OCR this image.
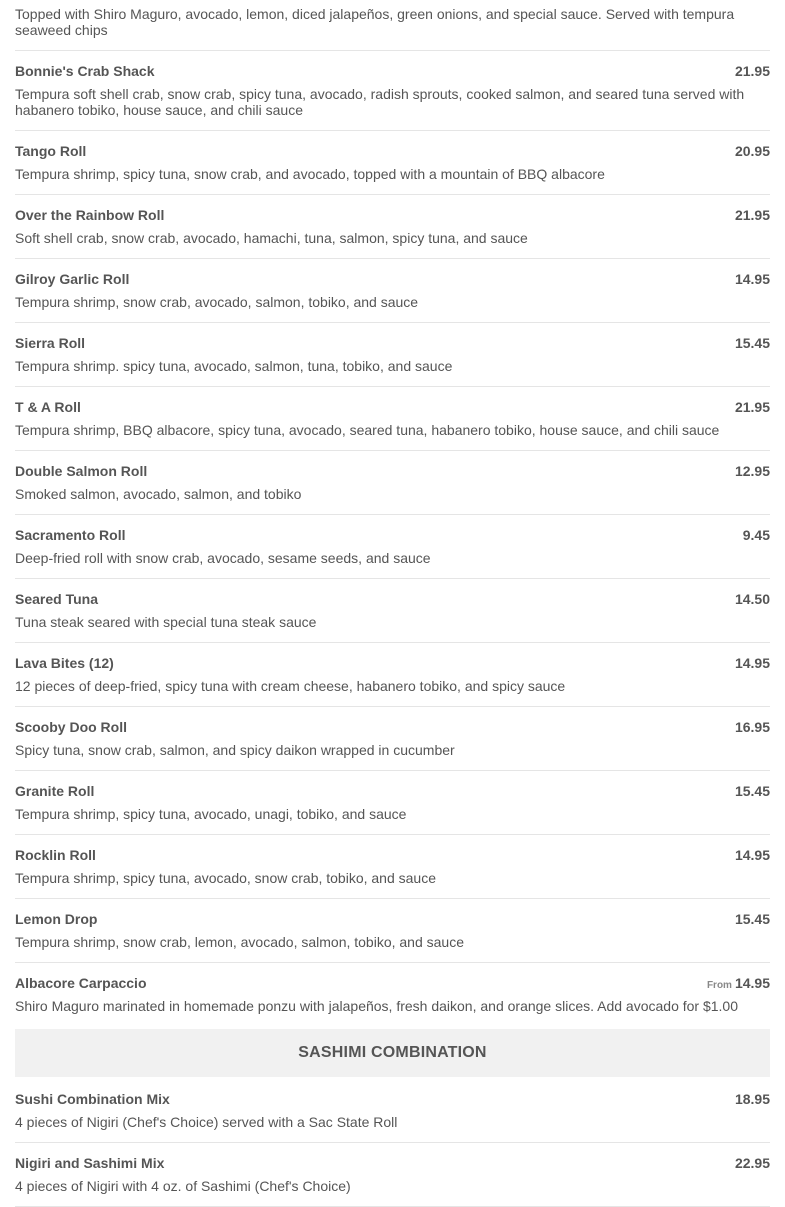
Topped with Shiro Maguro, avocado, lemon, diced jalapeños, green onions, and special sauce. Served with tempura seaweed chips
Bonnie's Crab Shack	21.95
Tempura soft shell crab, snow crab, spicy tuna, avocado, radish sprouts, cooked salmon, and seared tuna served with habanero tobiko, house sauce, and chili sauce
Tango Roll	20.95
Tempura shrimp, spicy tuna, snow crab, and avocado, topped with a mountain of BBQ albacore
Over the Rainbow Roll	21.95
Soft shell crab, snow crab, avocado, hamachi, tuna, salmon, spicy tuna, and sauce
Gilroy Garlic Roll	14.95
Tempura shrimp, snow crab, avocado, salmon, tobiko, and sauce
Sierra Roll	15.45
Tempura shrimp. spicy tuna, avocado, salmon, tuna, tobiko, and sauce
T & A Roll	21.95
Tempura shrimp, BBQ albacore, spicy tuna, avocado, seared tuna, habanero tobiko, house sauce, and chili sauce
Double Salmon Roll	12.95
Smoked salmon, avocado, salmon, and tobiko
Sacramento Roll	9.45
Deep-fried roll with snow crab, avocado, sesame seeds, and sauce
Seared Tuna	14.50
Tuna steak seared with special tuna steak sauce
Lava Bites (12)	14.95
12 pieces of deep-fried, spicy tuna with cream cheese, habanero tobiko, and spicy sauce
Scooby Doo Roll	16.95
Spicy tuna, snow crab, salmon, and spicy daikon wrapped in cucumber
Granite Roll	15.45
Tempura shrimp, spicy tuna, avocado, unagi, tobiko, and sauce
Rocklin Roll	14.95
Tempura shrimp, spicy tuna, avocado, snow crab, tobiko, and sauce
Lemon Drop	15.45
Tempura shrimp, snow crab, lemon, avocado, salmon, tobiko, and sauce
Albacore Carpaccio	From 14.95
Shiro Maguro marinated in homemade ponzu with jalapeños, fresh daikon, and orange slices. Add avocado for $1.00
SASHIMI COMBINATION
Sushi Combination Mix	18.95
4 pieces of Nigiri (Chef's Choice) served with a Sac State Roll
Nigiri and Sashimi Mix	22.95
4 pieces of Nigiri with 4 oz. of Sashimi (Chef's Choice)
